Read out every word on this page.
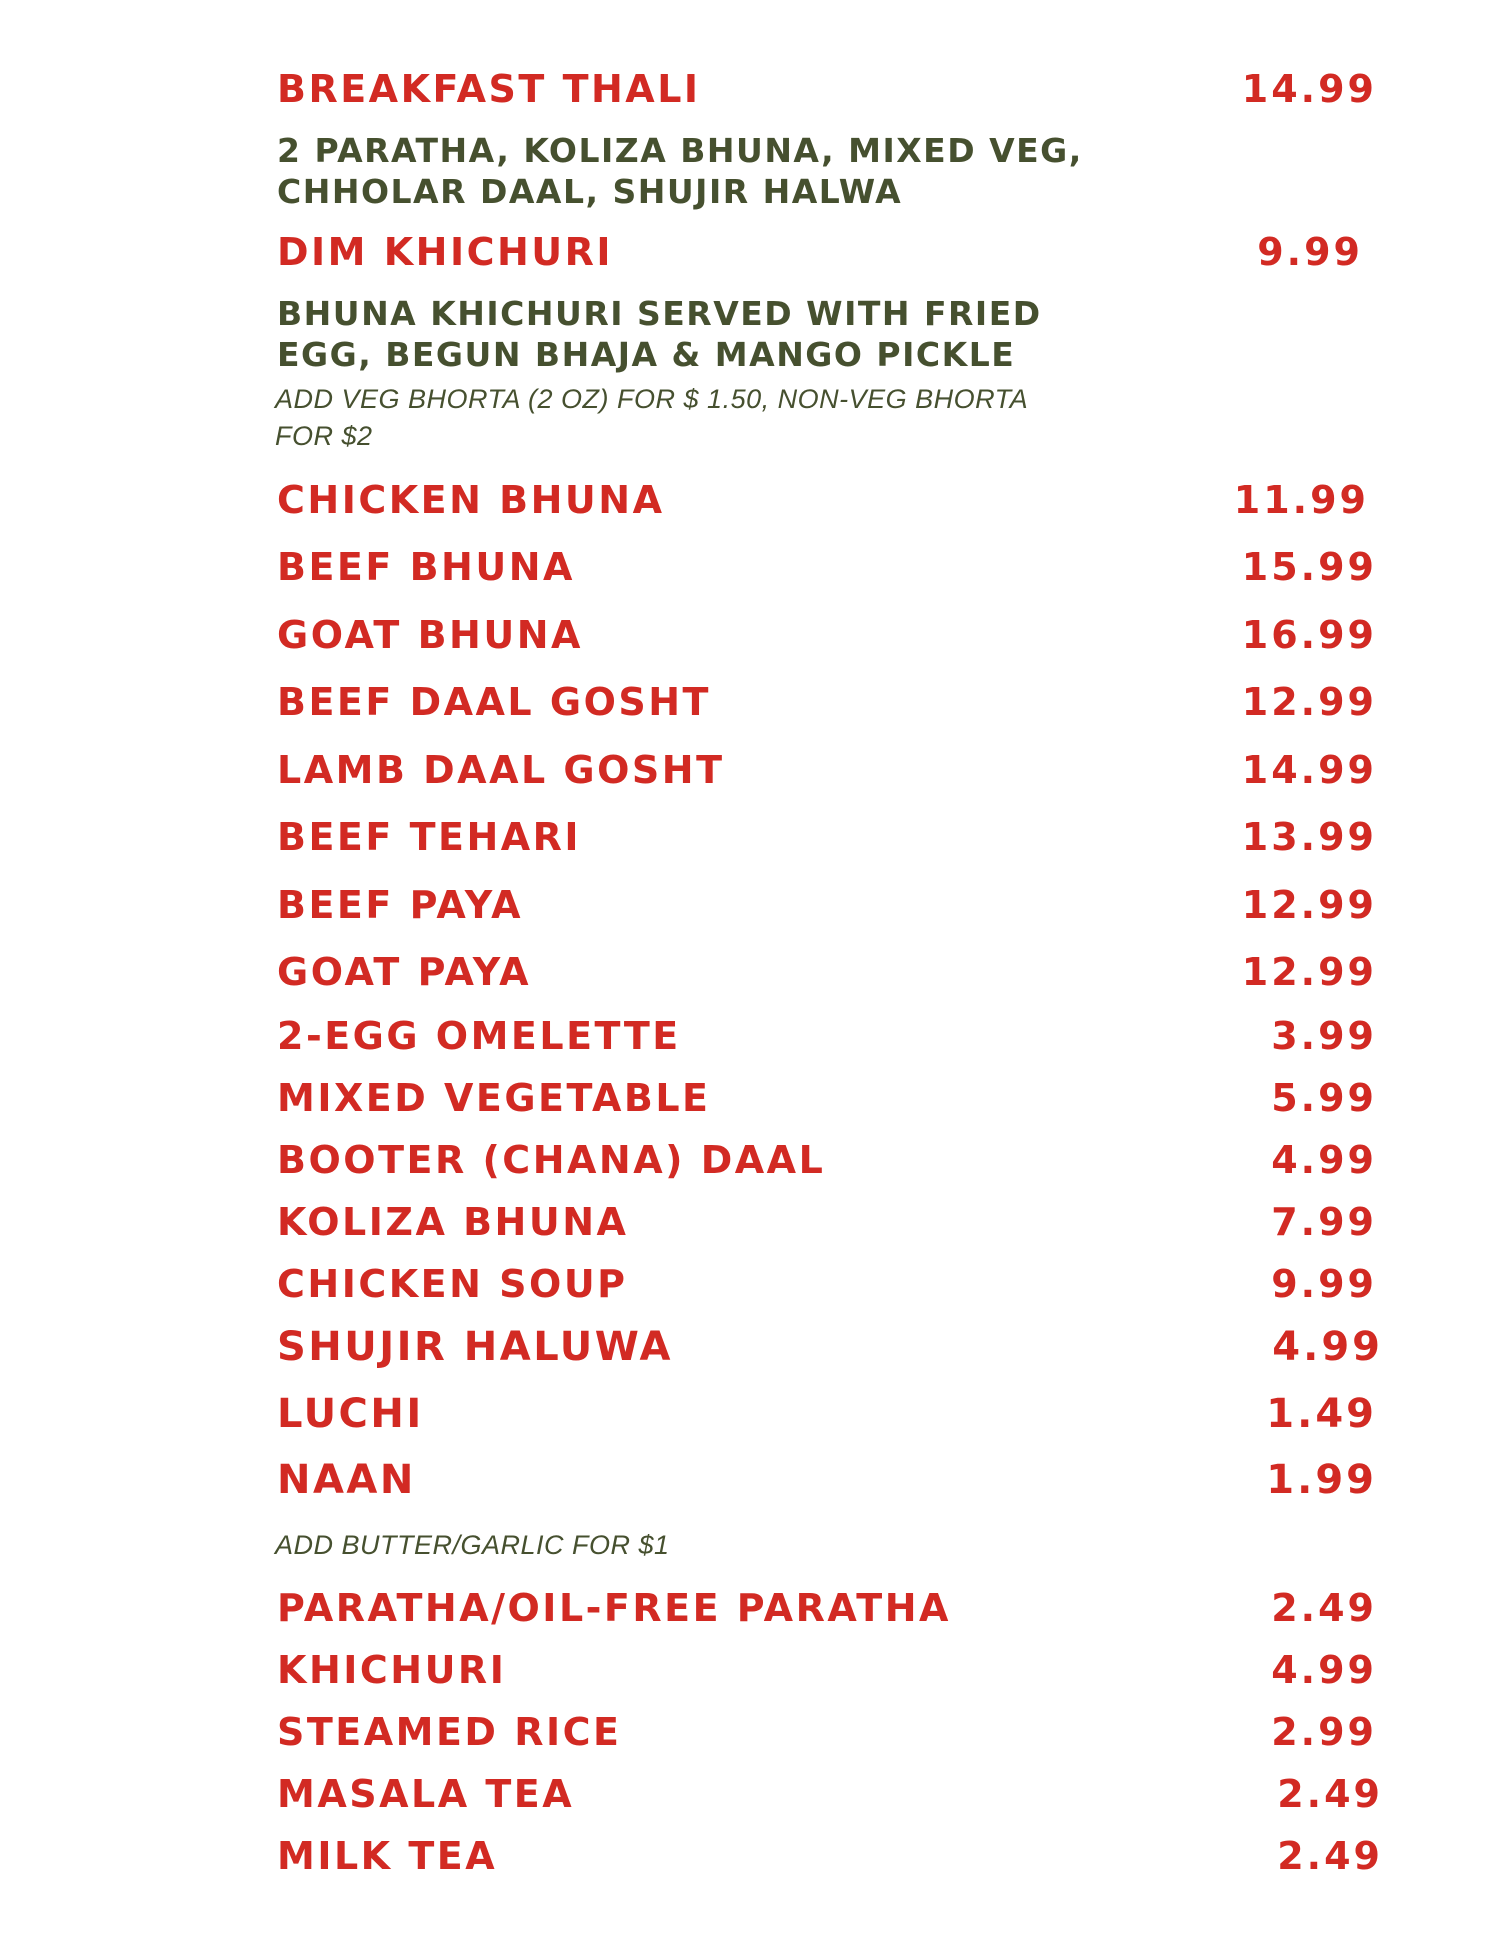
BREAKFAST THALI	14.99
2 PARATHA, KOLIZA BHUNA, MIXED VEG,
CHHOLAR DAAL, SHUJIR HALWA
DIM KHICHURI	9.99
BHUNA KHICHURI SERVED WITH FRIED
EGG, BEGUN BHAJA & MANGO PICKLE
ADD VEG BHORTA (2 OZ) FOR $ 1.50, NON-VEG BHORTA
FOR $2
CHICKEN BHUNA	11.99
BEEF BHUNA	15.99
GOAT BHUNA	16.99
BEEF DAAL GOSHT	12.99
LAMB DAAL GOSHT	14.99
BEEF TEHARI	13.99
BEEF PAYA	12.99
GOAT PAYA	12.99
2-EGG OMELETTE	3.99
MIXED VEGETABLE	5.99
BOOTER (CHANA) DAAL	4.99
KOLIZA BHUNA	7.99
CHICKEN SOUP	9.99
SHUJIR HALUWA	4.99
LUCHI	1.49
NAAN	1.99
ADD BUTTER/GARLIC FOR $1
PARATHA/OIL-FREE PARATHA	2.49
KHICHURI	4.99
STEAMED RICE	2.99
MASALA TEA	2.49
MILK TEA	2.49
